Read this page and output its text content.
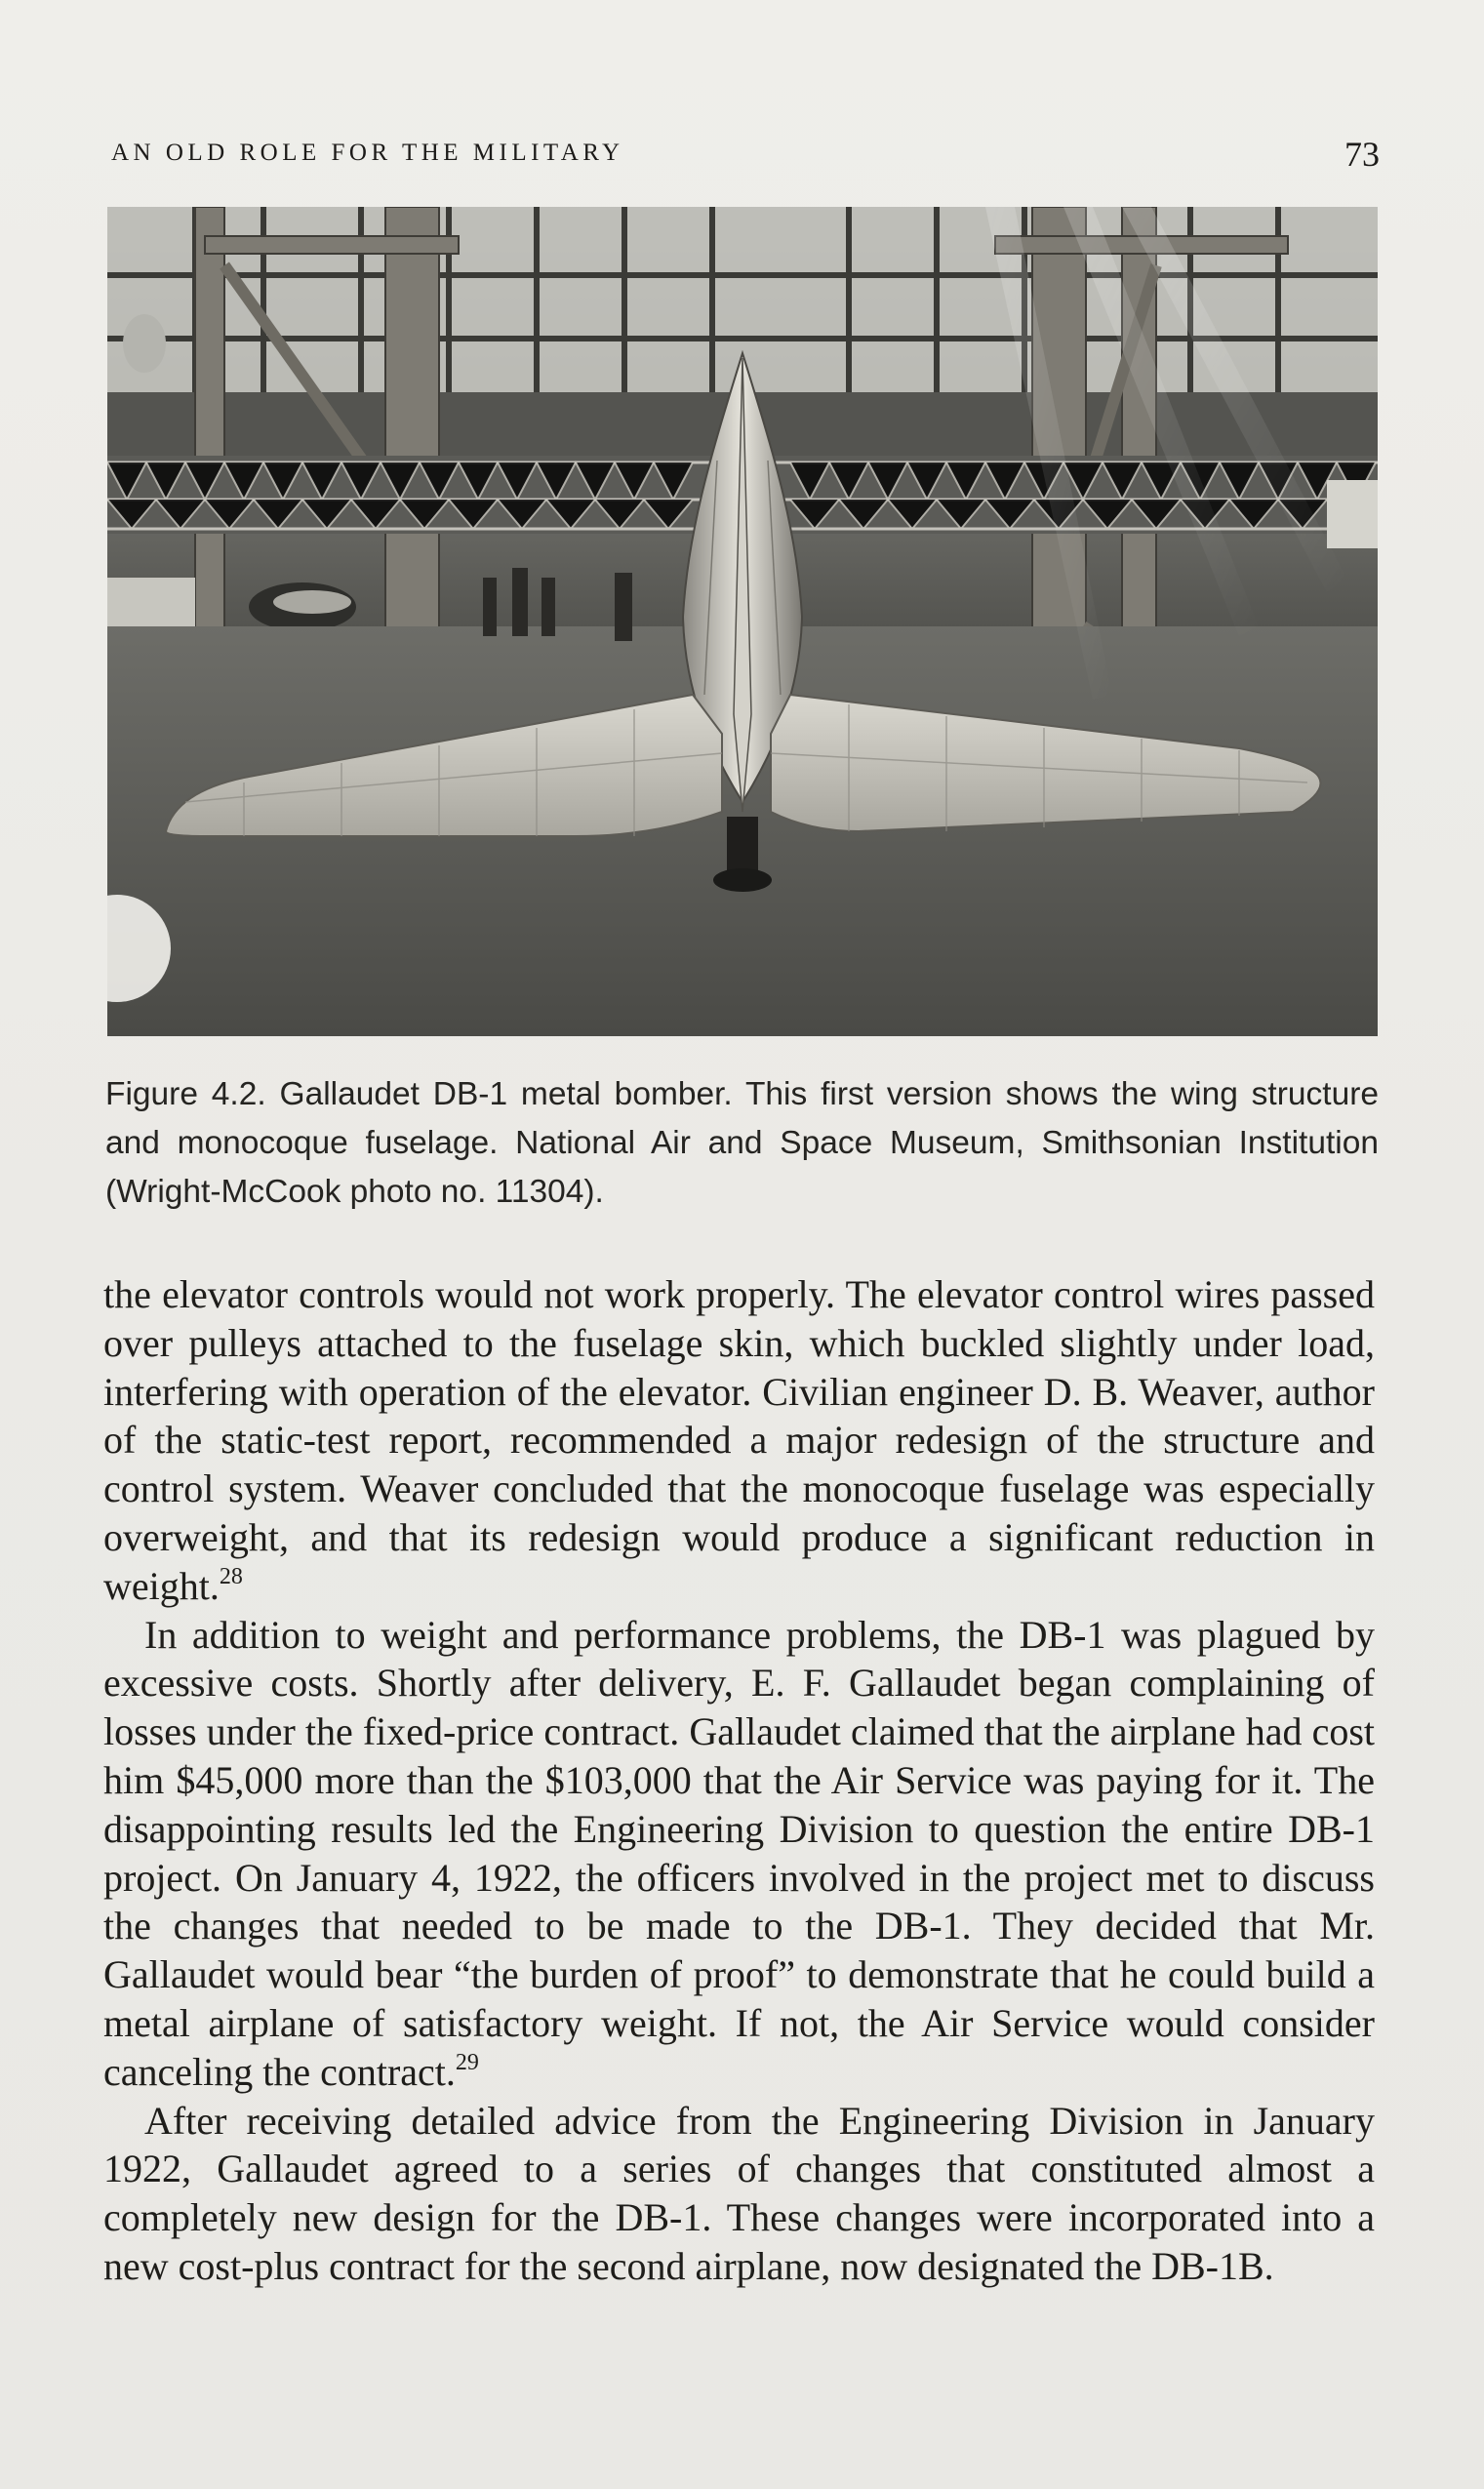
AN OLD ROLE FOR THE MILITARY	73
Figure 4.2. Gallaudet DB-1 metal bomber. This first version shows the wing structure and monocoque fuselage. National Air and Space Museum, Smithsonian Institution (Wright-McCook photo no. 11304).

the elevator controls would not work properly. The elevator control wires passed over pulleys attached to the fuselage skin, which buckled slightly under load, interfering with operation of the elevator. Civilian engineer D. B. Weaver, author of the static-test report, recommended a major redesign of the structure and control system. Weaver concluded that the monocoque fuselage was especially overweight, and that its redesign would produce a significant reduction in weight.$^{28}$

In addition to weight and performance problems, the DB-1 was plagued by excessive costs. Shortly after delivery, E. F. Gallaudet began complaining of losses under the fixed-price contract. Gallaudet claimed that the airplane had cost him $45,000 more than the $103,000 that the Air Service was paying for it. The disappointing results led the Engineering Division to question the entire DB-1 project. On January 4, 1922, the officers involved in the project met to discuss the changes that needed to be made to the DB-1. They decided that Mr. Gallaudet would bear “the burden of proof” to demonstrate that he could build a metal airplane of satisfactory weight. If not, the Air Service would consider canceling the contract.$^{29}$

After receiving detailed advice from the Engineering Division in January 1922, Gallaudet agreed to a series of changes that constituted almost a completely new design for the DB-1. These changes were incorporated into a new cost-plus contract for the second airplane, now designated the DB-1B.
